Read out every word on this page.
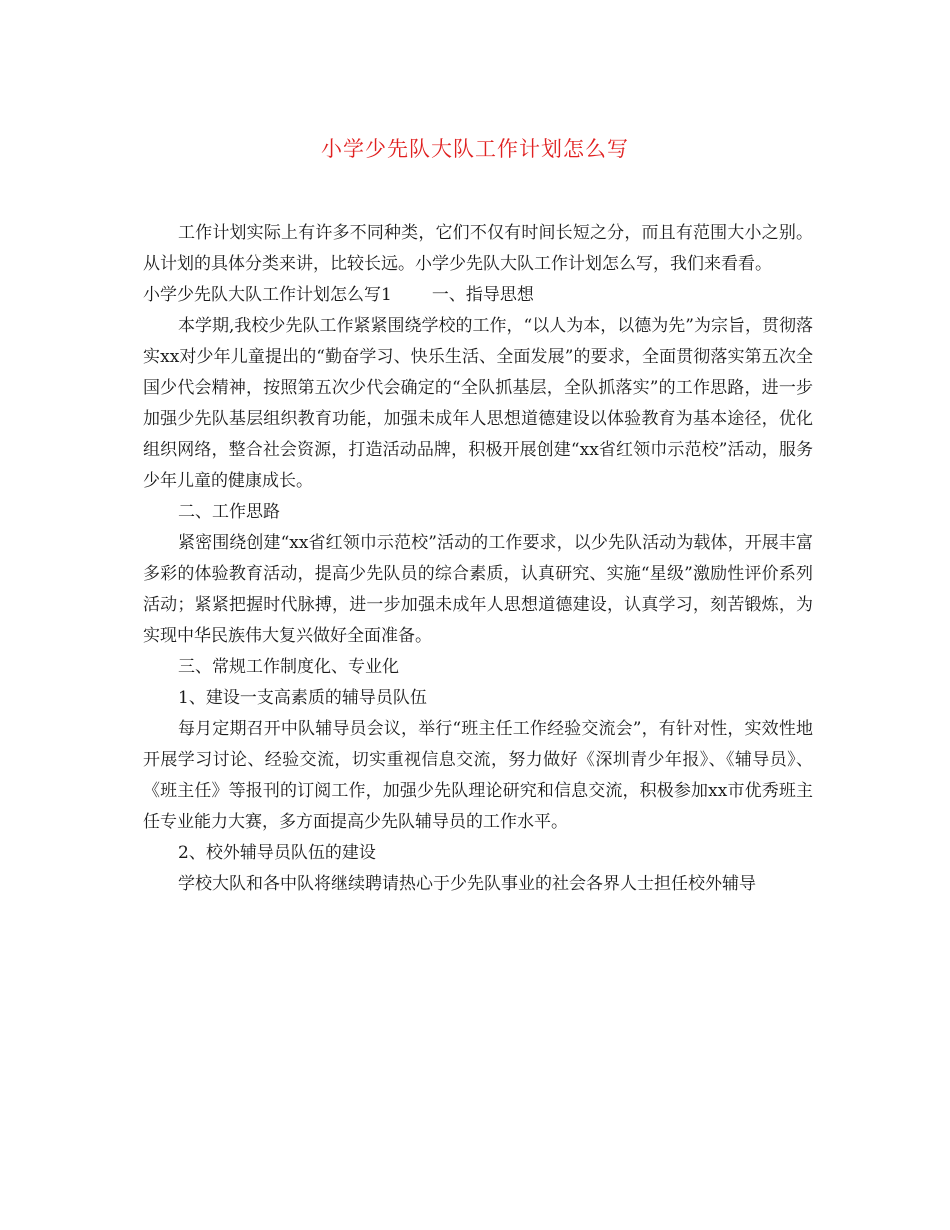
小学少先队大队工作计划怎么写

工作计划实际上有许多不同种类，它们不仅有时间长短之分，而且有范围大小之别。从计划的具体分类来讲，比较长远。小学少先队大队工作计划怎么写，我们来看看。

小学少先队大队工作计划怎么写1 一、指导思想

本学期,我校少先队工作紧紧围绕学校的工作，“以人为本，以德为先”为宗旨，贯彻落实xx对少年儿童提出的“勤奋学习、快乐生活、全面发展”的要求，全面贯彻落实第五次全国少代会精神，按照第五次少代会确定的“全队抓基层，全队抓落实”的工作思路，进一步加强少先队基层组织教育功能，加强未成年人思想道德建设以体验教育为基本途径，优化组织网络，整合社会资源，打造活动品牌，积极开展创建“xx省红领巾示范校”活动，服务少年儿童的健康成长。

二、工作思路

紧密围绕创建“xx省红领巾示范校”活动的工作要求，以少先队活动为载体，开展丰富多彩的体验教育活动，提高少先队员的综合素质，认真研究、实施“星级”激励性评价系列活动；紧紧把握时代脉搏，进一步加强未成年人思想道德建设，认真学习，刻苦锻炼，为实现中华民族伟大复兴做好全面准备。

三、常规工作制度化、专业化

1、建设一支高素质的辅导员队伍

每月定期召开中队辅导员会议，举行“班主任工作经验交流会”，有针对性，实效性地开展学习讨论、经验交流，切实重视信息交流，努力做好《深圳青少年报》、《辅导员》、《班主任》等报刊的订阅工作，加强少先队理论研究和信息交流，积极参加xx市优秀班主任专业能力大赛，多方面提高少先队辅导员的工作水平。

2、校外辅导员队伍的建设

学校大队和各中队将继续聘请热心于少先队事业的社会各界人士担任校外辅导
